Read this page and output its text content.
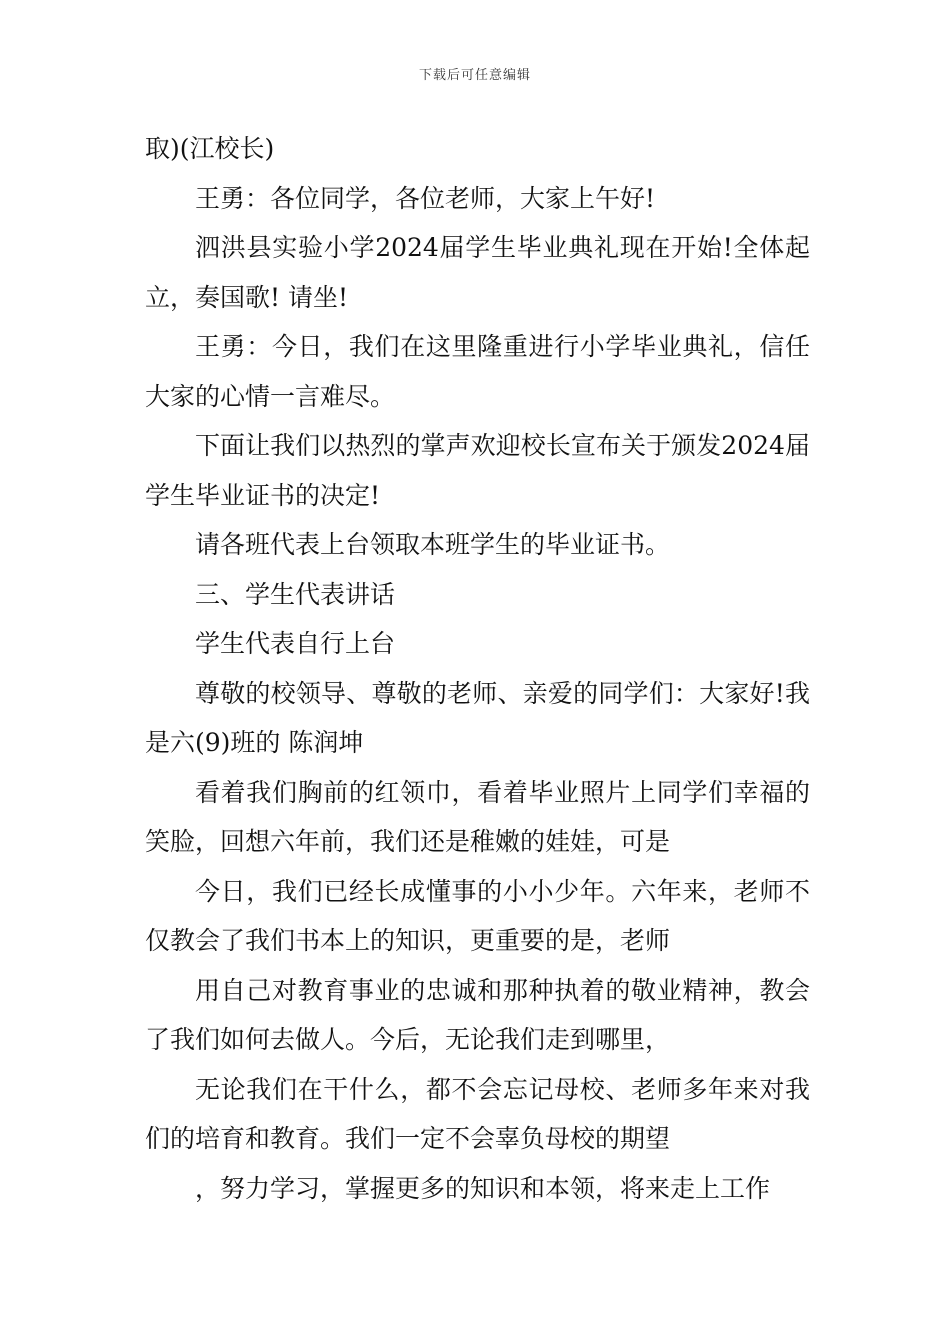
下载后可任意编辑

取)(江校长)

王勇：各位同学，各位老师，大家上午好!

泗洪县实验小学2024届学生毕业典礼现在开始!全体起立，奏国歌! 请坐!

王勇：今日，我们在这里隆重进行小学毕业典礼，信任大家的心情一言难尽。

下面让我们以热烈的掌声欢迎校长宣布关于颁发2024届学生毕业证书的决定!

请各班代表上台领取本班学生的毕业证书。

三、学生代表讲话

学生代表自行上台

尊敬的校领导、尊敬的老师、亲爱的同学们：大家好!我是六(9)班的 陈润坤

看着我们胸前的红领巾，看着毕业照片上同学们幸福的笑脸，回想六年前，我们还是稚嫩的娃娃，可是

今日，我们已经长成懂事的小小少年。六年来，老师不仅教会了我们书本上的知识，更重要的是，老师

用自己对教育事业的忠诚和那种执着的敬业精神，教会了我们如何去做人。今后，无论我们走到哪里，

无论我们在干什么，都不会忘记母校、老师多年来对我们的培育和教育。我们一定不会辜负母校的期望

，努力学习，掌握更多的知识和本领，将来走上工作
